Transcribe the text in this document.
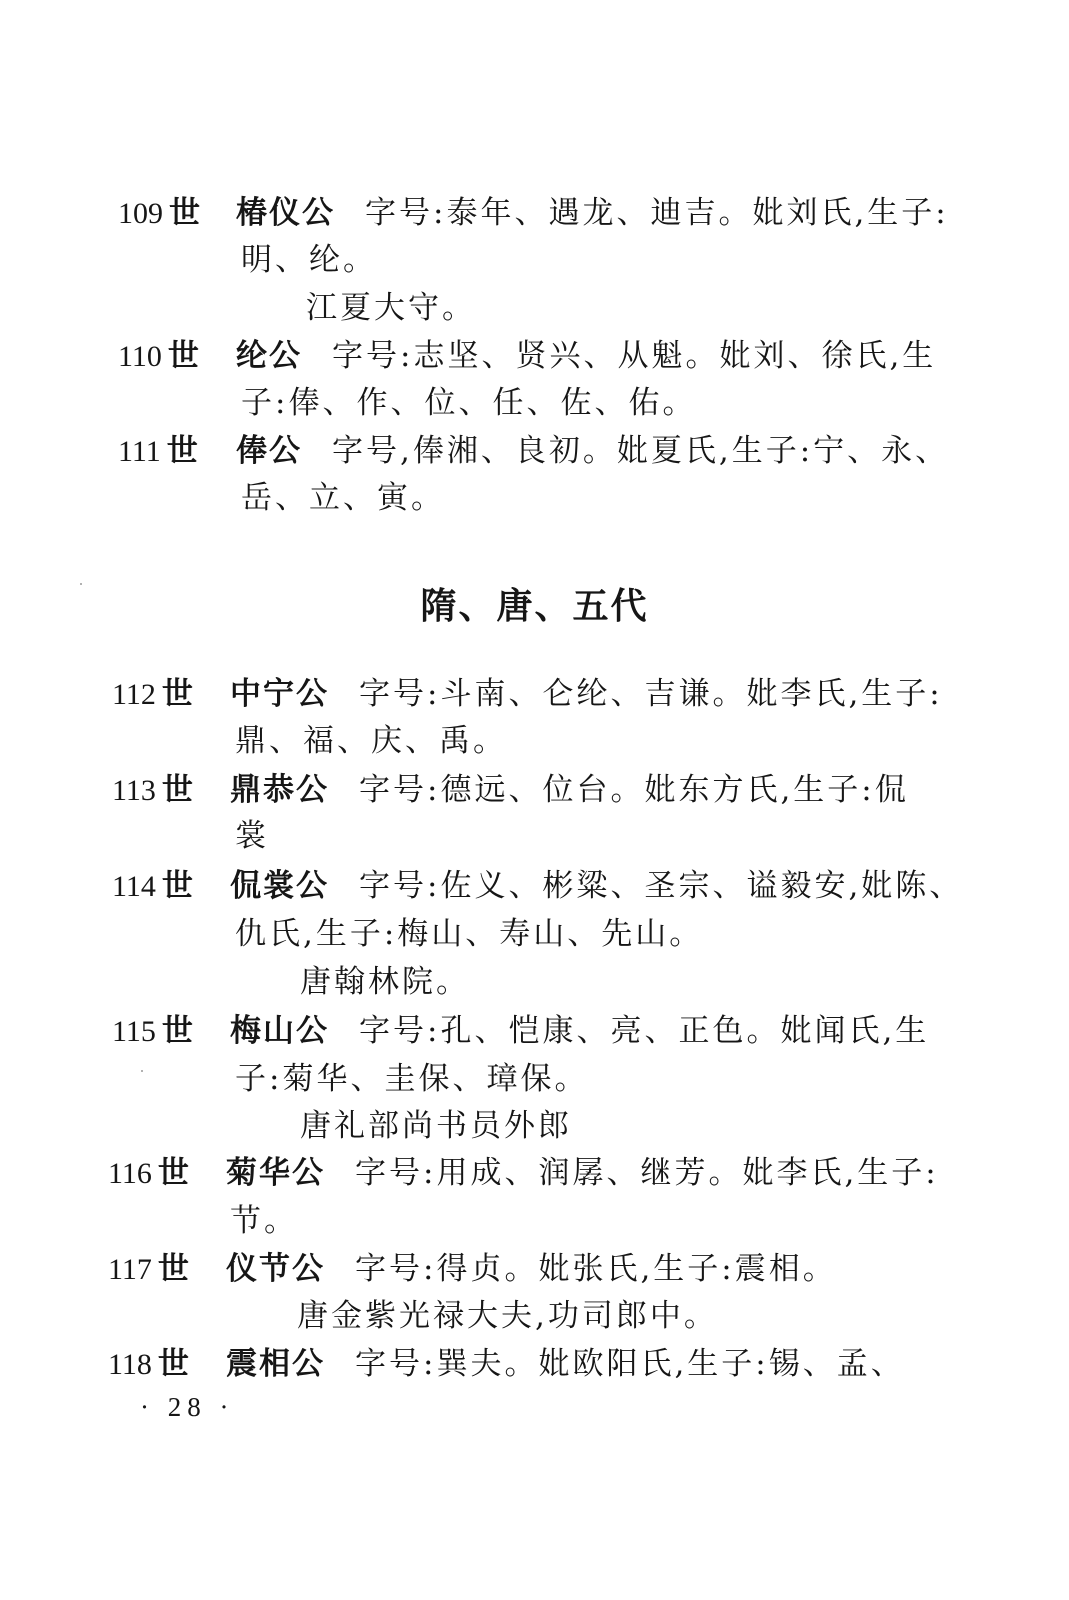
109 世 椿仪公 字号:泰年、遇龙、迪吉。妣刘氏,生子:
明、纶。
江夏大守。
110 世 纶公 字号:志坚、贤兴、从魁。妣刘、徐氏,生
子:俸、作、位、任、佐、佑。
111 世 俸公 字号,俸湘、良初。妣夏氏,生子:宁、永、
岳、立、寅。
隋、唐、五代
112 世 中宁公 字号:斗南、仑纶、吉谦。妣李氏,生子:
鼎、福、庆、禹。
113 世 鼎恭公 字号:德远、位台。妣东方氏,生子:侃
裳
114 世 侃裳公 字号:佐义、彬粱、圣宗、谥毅安,妣陈、
仇氏,生子:梅山、寿山、先山。
唐翰林院。
115 世 梅山公 字号:孔、恺康、亮、正色。妣闻氏,生
子:菊华、圭保、璋保。
唐礼部尚书员外郎
116 世 菊华公 字号:用成、润孱、继芳。妣李氏,生子:
节。
117 世 仪节公 字号:得贞。妣张氏,生子:震相。
唐金紫光禄大夫,功司郎中。
118 世 震相公 字号:巽夫。妣欧阳氏,生子:锡、孟、
· 28 ·
